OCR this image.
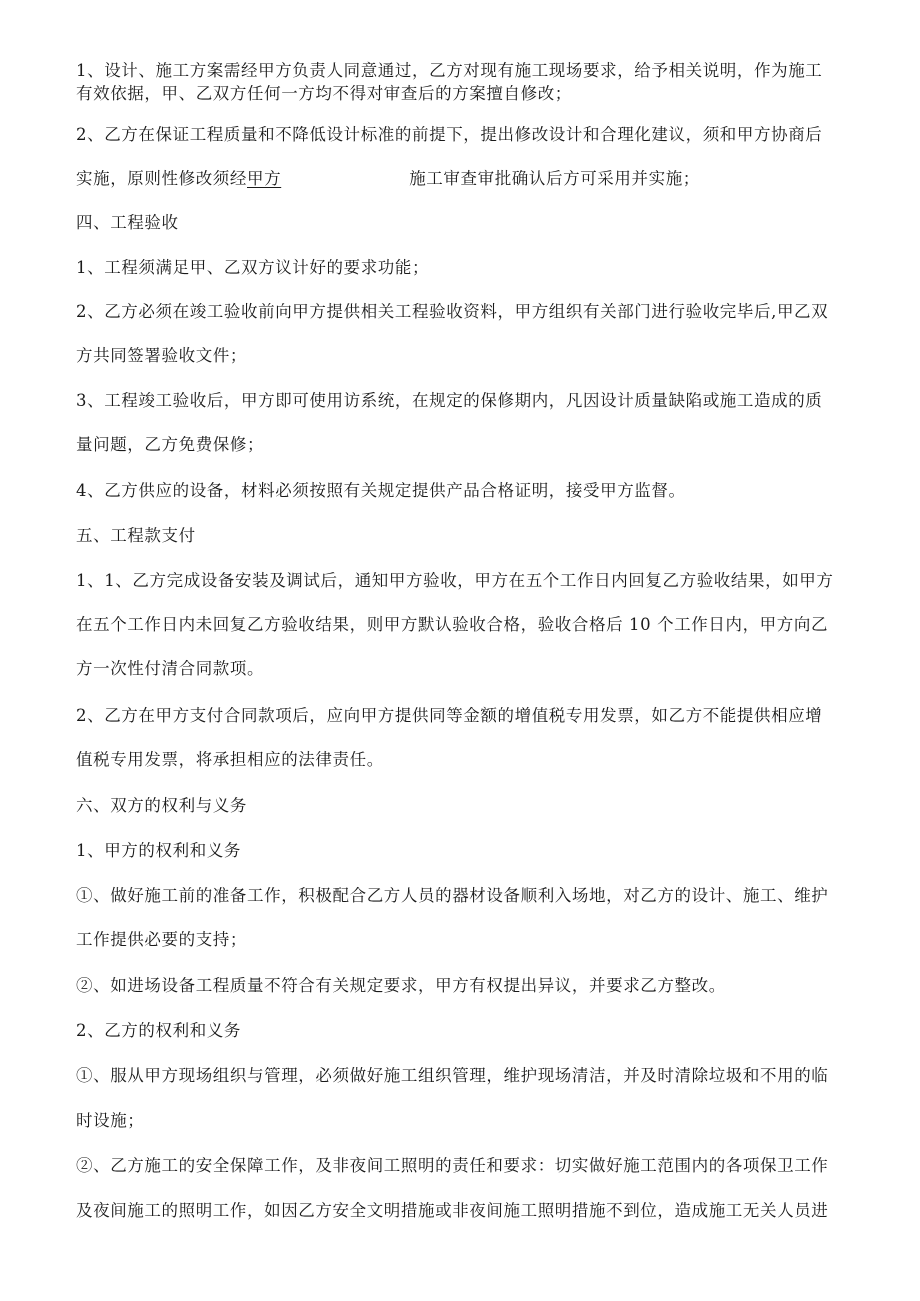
1、设计、施工方案需经甲方负责人同意通过，乙方对现有施工现场要求，给予相关说明，作为施工
有效依据，甲、乙双方任何一方均不得对审查后的方案擅自修改；
2、乙方在保证工程质量和不降低设计标准的前提下，提出修改设计和合理化建议，须和甲方协商后
实施，原则性修改须经甲方	施工审查审批确认后方可采用并实施；
四、工程验收
1、工程须满足甲、乙双方议计好的要求功能；
2、乙方必须在竣工验收前向甲方提供相关工程验收资料，甲方组织有关部门进行验收完毕后,甲乙双
方共同签署验收文件；
3、工程竣工验收后，甲方即可使用访系统，在规定的保修期内，凡因设计质量缺陷或施工造成的质
量问题，乙方免费保修；
4、乙方供应的设备，材料必须按照有关规定提供产品合格证明，接受甲方监督。
五、工程款支付
1、1、乙方完成设备安装及调试后，通知甲方验收，甲方在五个工作日内回复乙方验收结果，如甲方
在五个工作日内未回复乙方验收结果，则甲方默认验收合格，验收合格后 10 个工作日内，甲方向乙
方一次性付清合同款项。
2、乙方在甲方支付合同款项后，应向甲方提供同等金额的增值税专用发票，如乙方不能提供相应增
值税专用发票，将承担相应的法律责任。
六、双方的权利与义务
1、甲方的权利和义务
①、做好施工前的准备工作，积极配合乙方人员的器材设备顺利入场地，对乙方的设计、施工、维护
工作提供必要的支持；
②、如进场设备工程质量不符合有关规定要求，甲方有权提出异议，并要求乙方整改。
2、乙方的权利和义务
①、服从甲方现场组织与管理，必须做好施工组织管理，维护现场清洁，并及时清除垃圾和不用的临
时设施；
②、乙方施工的安全保障工作，及非夜间工照明的责任和要求：切实做好施工范围内的各项保卫工作
及夜间施工的照明工作，如因乙方安全文明措施或非夜间施工照明措施不到位，造成施工无关人员进
